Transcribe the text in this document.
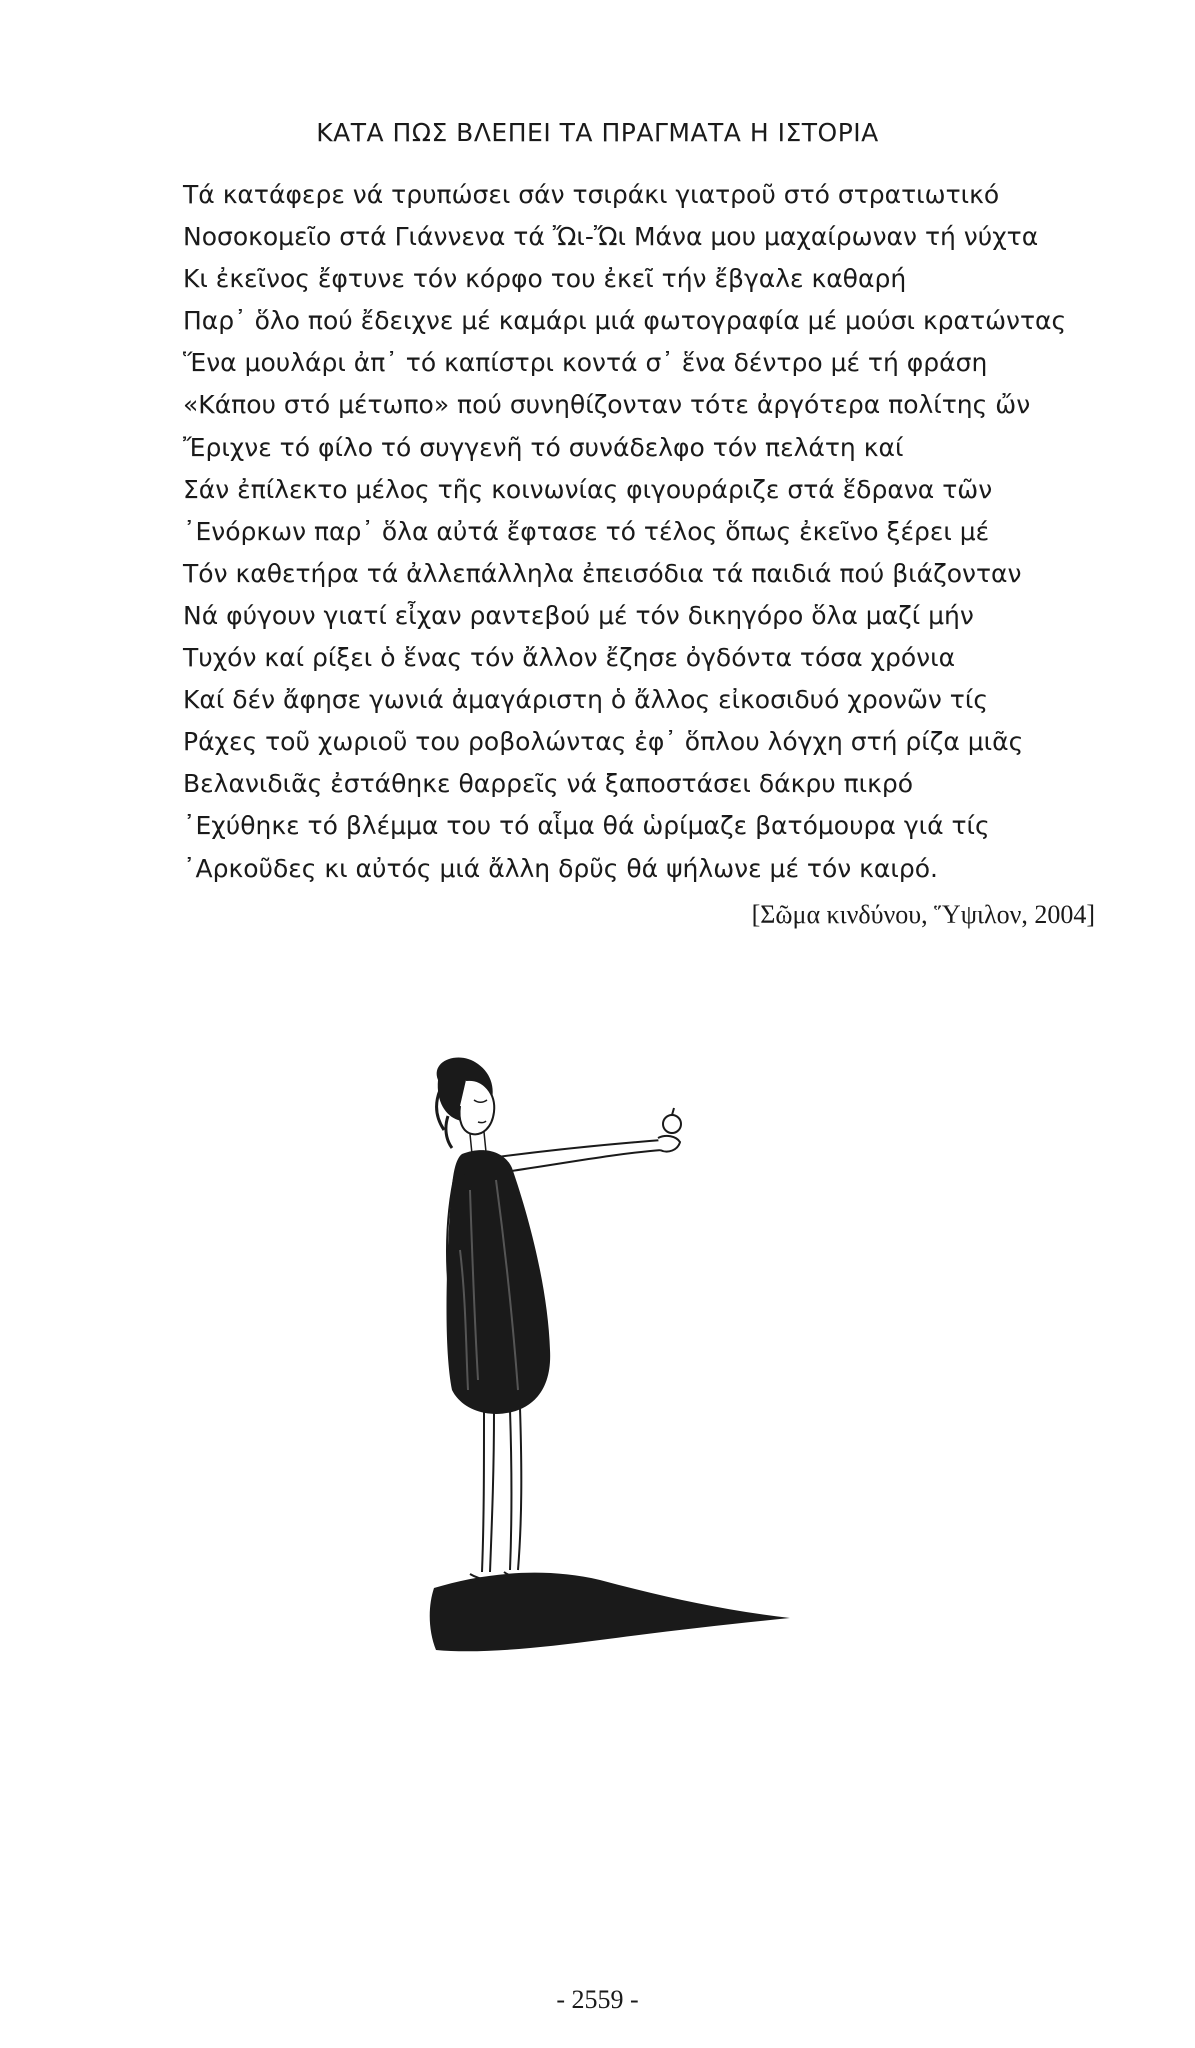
ΚΑΤΑ ΠΩΣ ΒΛΕΠΕΙ ΤΑ ΠΡΑΓΜΑΤΑ Η ΙΣΤΟΡΙΑ
Τά κατάφερε νά τρυπώσει σάν τσιράκι γιατροῦ στό στρατιωτικό
Νοσοκομεῖο στά Γιάννενα τά Ὤι-Ὤι Μάνα μου μαχαίρωναν τή νύχτα
Κι ἐκεῖνος ἔφτυνε τόν κόρφο του ἐκεῖ τήν ἔβγαλε καθαρή
Παρ᾽ ὅλο πού ἔδειχνε μέ καμάρι μιά φωτογραφία μέ μούσι κρατώντας
Ἕνα μουλάρι ἀπ᾽ τό καπίστρι κοντά σ᾽ ἕνα δέντρο μέ τή φράση
«Κάπου στό μέτωπο» πού συνηθίζονταν τότε ἀργότερα πολίτης ὤν
Ἔριχνε τό φίλο τό συγγενῆ τό συνάδελφο τόν πελάτη καί
Σάν ἐπίλεκτο μέλος τῆς κοινωνίας φιγουράριζε στά ἕδρανα τῶν
᾿Ενόρκων παρ᾽ ὅλα αὐτά ἔφτασε τό τέλος ὅπως ἐκεῖνο ξέρει μέ
Τόν καθετήρα τά ἀλλεπάλληλα ἐπεισόδια τά παιδιά πού βιάζονταν
Νά φύγουν γιατί εἶχαν ραντεβού μέ τόν δικηγόρο ὅλα μαζί μήν
Τυχόν καί ρίξει ὁ ἕνας τόν ἄλλον ἔζησε ὀγδόντα τόσα χρόνια
Καί δέν ἄφησε γωνιά ἀμαγάριστη ὁ ἄλλος εἰκοσιδυό χρονῶν τίς
Ράχες τοῦ χωριοῦ του ροβολώντας ἐφ᾽ ὅπλου λόγχη στή ρίζα μιᾶς
Βελανιδιᾶς ἐστάθηκε θαρρεῖς νά ξαποστάσει δάκρυ πικρό
᾿Εχύθηκε τό βλέμμα του τό αἷμα θά ὡρίμαζε βατόμουρα γιά τίς
᾿Αρκοῦδες κι αὐτός μιά ἄλλη δρῦς θά ψήλωνε μέ τόν καιρό.
[Σῶμα κινδύνου, Ὕψιλον, 2004]
- 2559 -
